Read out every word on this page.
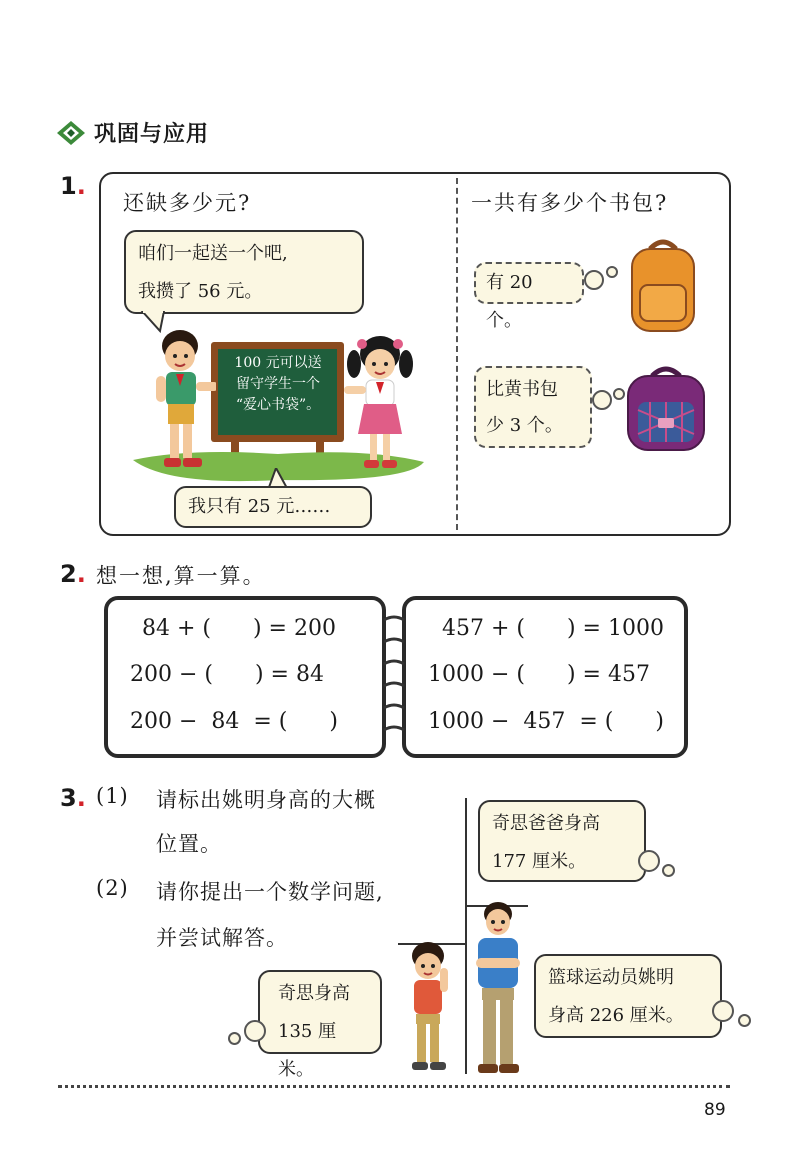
巩固与应用
1.
还缺多少元?
咱们一起送一个吧,
我攒了 56 元。
100 元可以送
留守学生一个
“爱心书袋”。
我只有 25 元……
一共有多少个书包?
有 20 个。
比黄书包
少 3 个。
2. 想一想,算一算。
84 + (      ) = 200
200 − (      ) = 84
200 −  84  = (      )
457 + (      ) = 1000
1000 − (      ) = 457
1000 −  457  = (      )
3. (1) 请标出姚明身高的大概
位置。
(2) 请你提出一个数学问题,
并尝试解答。
奇思爸爸身高
177 厘米。
奇思身高
135 厘米。
篮球运动员姚明
身高 226 厘米。
89
